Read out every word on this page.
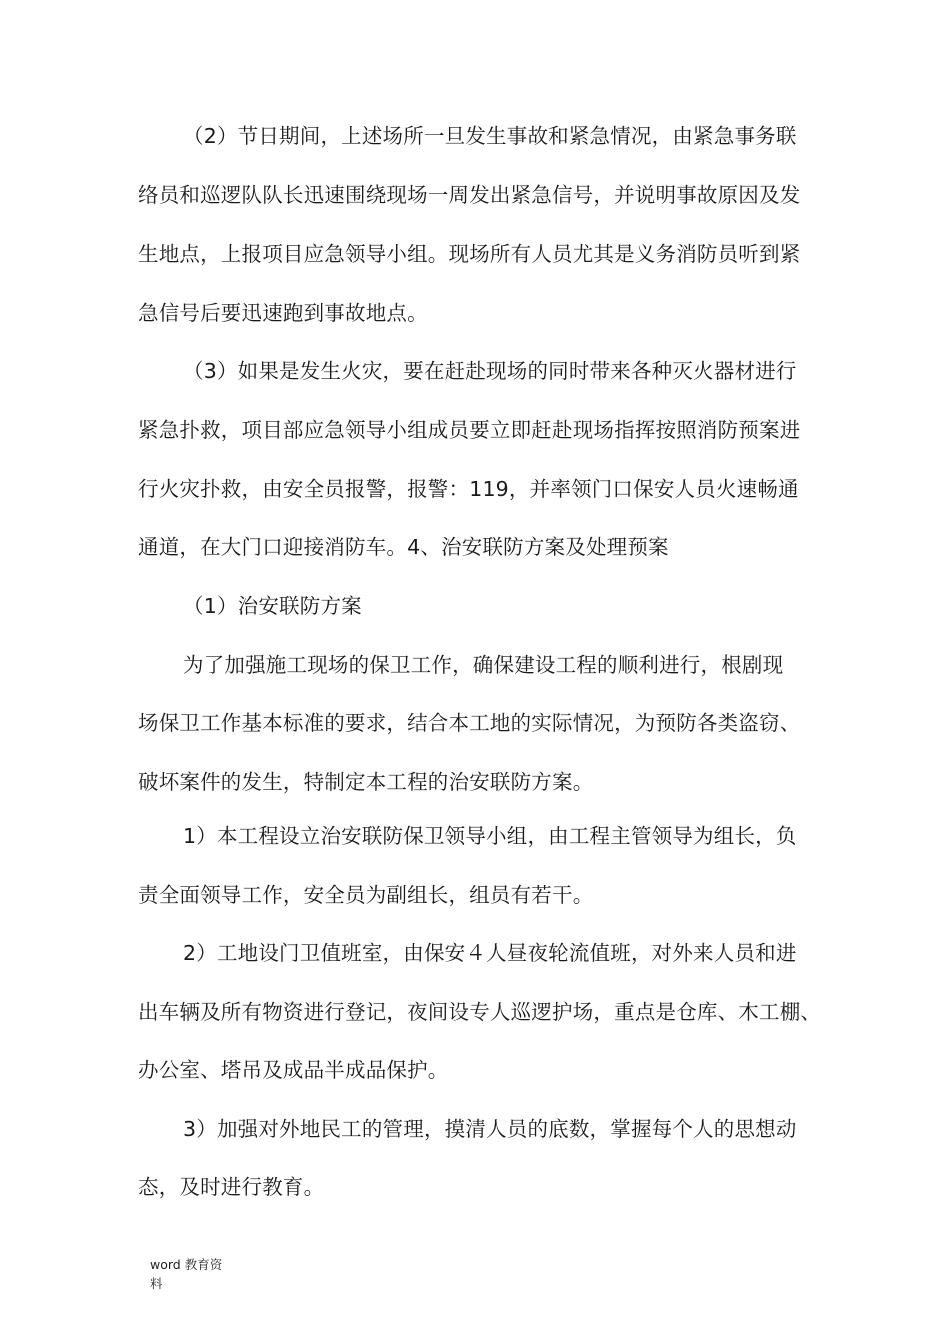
（2）节日期间，上述场所一旦发生事故和紧急情况，由紧急事务联
络员和巡逻队队长迅速围绕现场一周发出紧急信号，并说明事故原因及发
生地点，上报项目应急领导小组。现场所有人员尤其是义务消防员听到紧
急信号后要迅速跑到事故地点。
（3）如果是发生火灾，要在赶赴现场的同时带来各种灭火器材进行
紧急扑救，项目部应急领导小组成员要立即赶赴现场指挥按照消防预案进
行火灾扑救，由安全员报警，报警：119，并率领门口保安人员火速畅通
通道，在大门口迎接消防车。4、治安联防方案及处理预案
（1）治安联防方案
为了加强施工现场的保卫工作，确保建设工程的顺利进行，根剧现
场保卫工作基本标准的要求，结合本工地的实际情况，为预防各类盗窃、
破坏案件的发生，特制定本工程的治安联防方案。
1）本工程设立治安联防保卫领导小组，由工程主管领导为组长，负
责全面领导工作，安全员为副组长，组员有若干。
2）工地设门卫值班室，由保安４人昼夜轮流值班，对外来人员和进
出车辆及所有物资进行登记，夜间设专人巡逻护场，重点是仓库、木工棚、
办公室、塔吊及成品半成品保护。
3）加强对外地民工的管理，摸清人员的底数，掌握每个人的思想动
态，及时进行教育。
word 教育资
料
